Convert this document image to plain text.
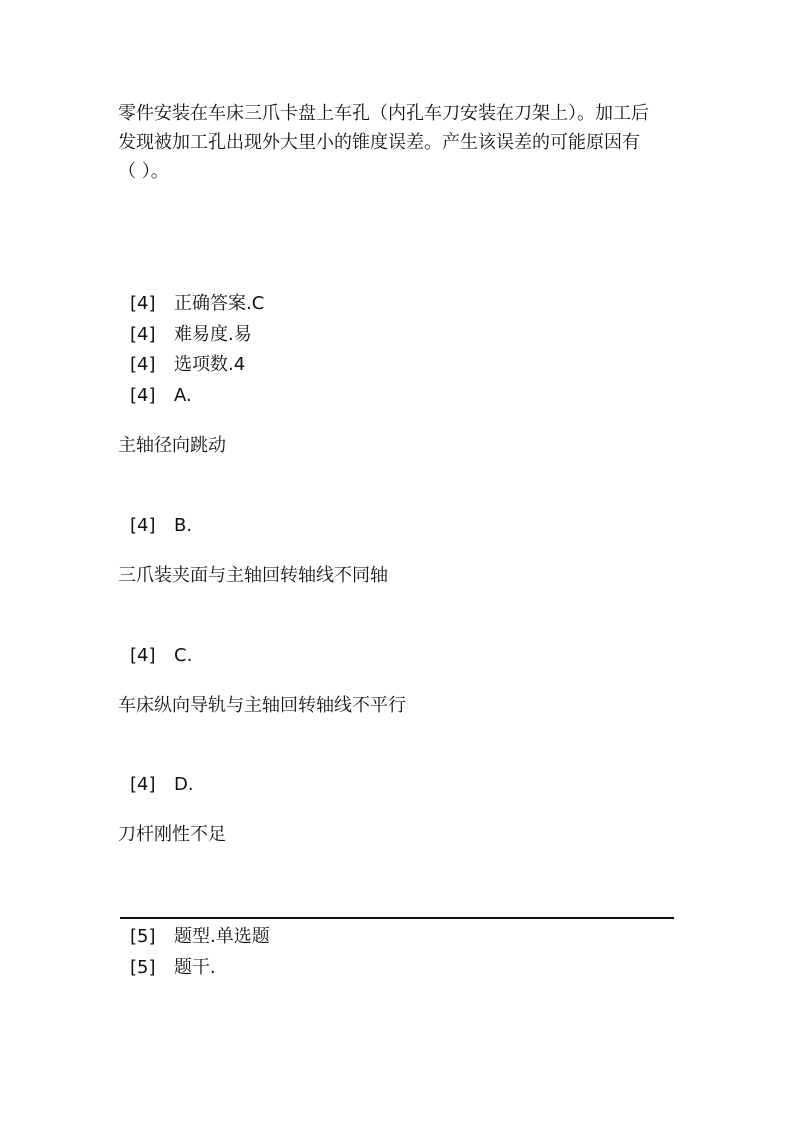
零件安装在车床三爪卡盘上车孔（内孔车刀安装在刀架上）。加工后

发现被加工孔出现外大里小的锥度误差。产生该误差的可能原因有

（ ）。

[4] 正确答案.C
[4] 难易度.易
[4] 选项数.4
[4] A.
主轴径向跳动
[4] B.
三爪装夹面与主轴回转轴线不同轴
[4] C.
车床纵向导轨与主轴回转轴线不平行
[4] D.
刀杆刚性不足
[5] 题型.单选题
[5] 题干.
